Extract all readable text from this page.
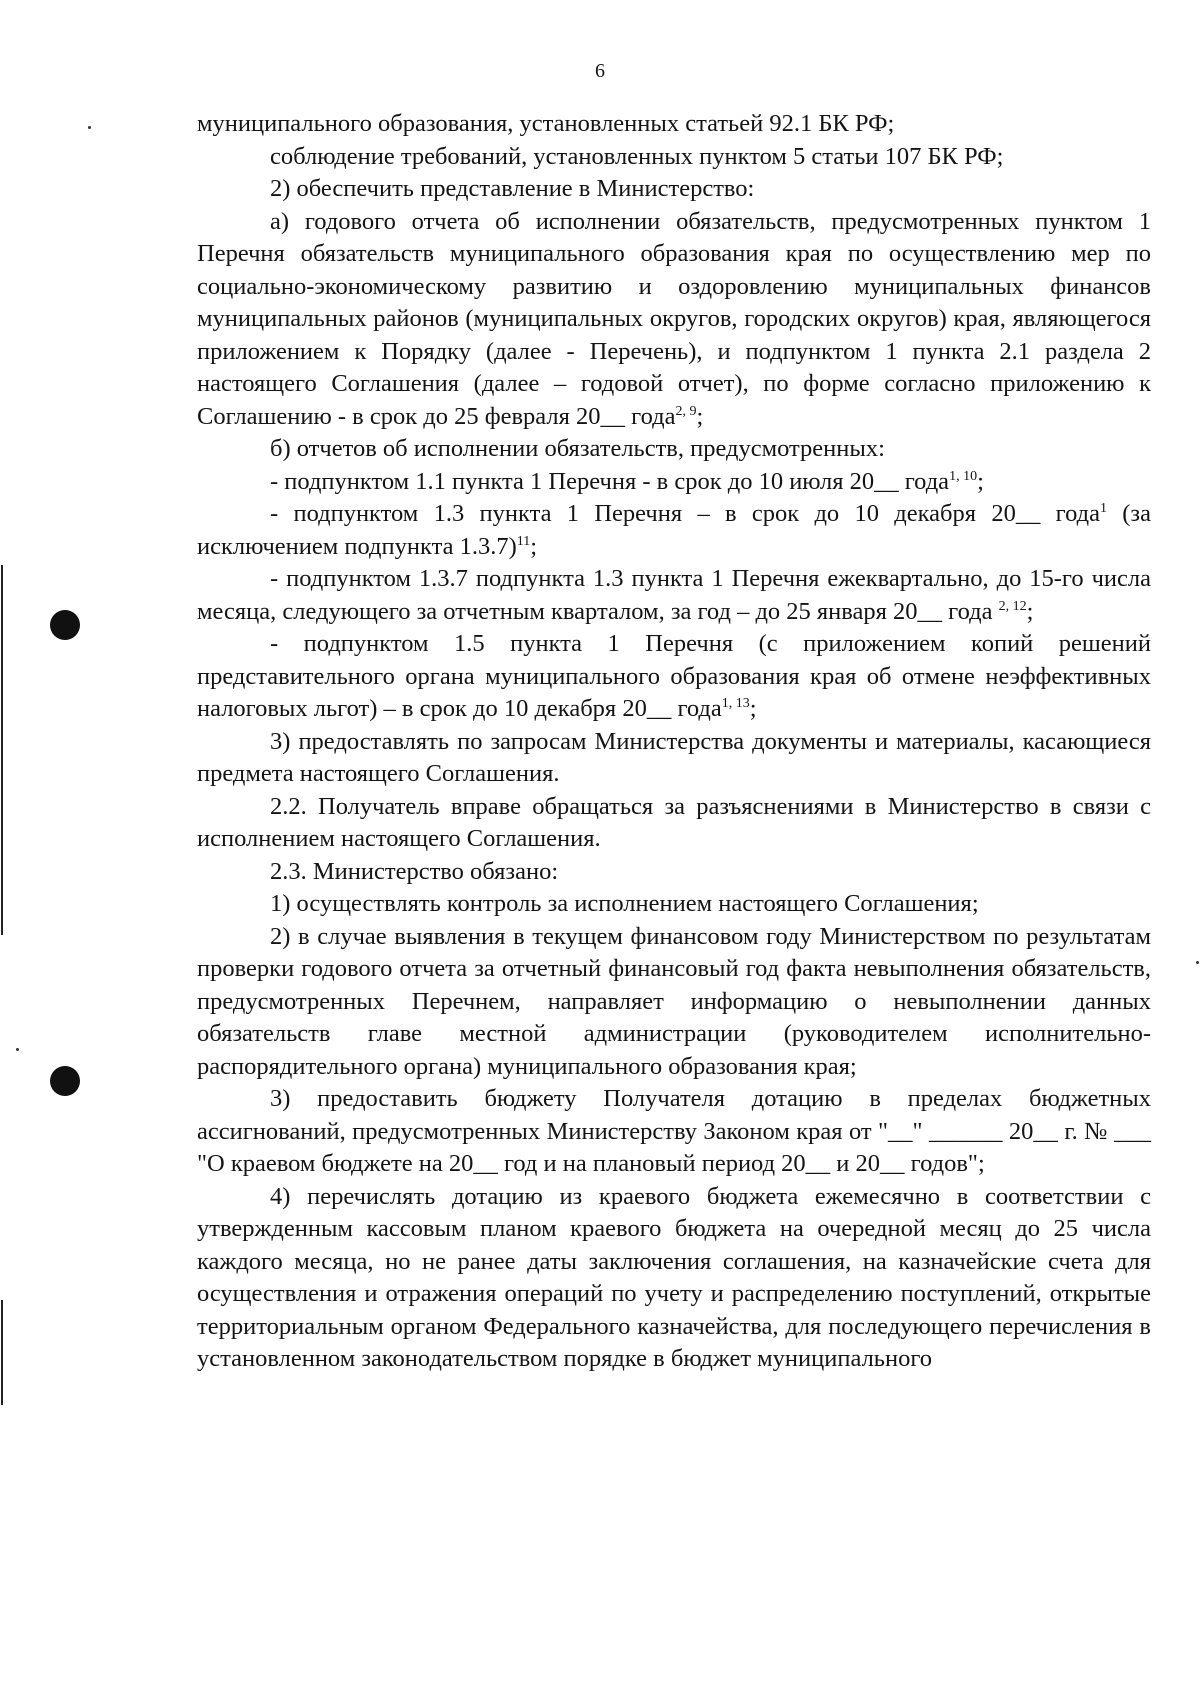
6

муниципального образования, установленных статьей 92.1 БК РФ;

соблюдение требований, установленных пунктом 5 статьи 107 БК РФ;

2) обеспечить представление в Министерство:

а) годового отчета об исполнении обязательств, предусмотренных пунктом 1 Перечня обязательств муниципального образования края по осуществлению мер по социально-экономическому развитию и оздоровлению муниципальных финансов муниципальных районов (муниципальных округов, городских округов) края, являющегося приложением к Порядку (далее - Перечень), и подпунктом 1 пункта 2.1 раздела 2 настоящего Соглашения (далее – годовой отчет), по форме согласно приложению к Соглашению - в срок до 25 февраля 20__ года$^{2, 9}$;

б) отчетов об исполнении обязательств, предусмотренных:

- подпунктом 1.1 пункта 1 Перечня - в срок до 10 июля 20__ года$^{1, 10}$;

- подпунктом 1.3 пункта 1 Перечня – в срок до 10 декабря 20__ года$^1$ (за исключением подпункта 1.3.7)$^{11}$;

- подпунктом 1.3.7 подпункта 1.3 пункта 1 Перечня ежеквартально, до 15-го числа месяца, следующего за отчетным кварталом, за год – до 25 января 20__ года $^{2, 12}$;

- подпунктом 1.5 пункта 1 Перечня (с приложением копий решений представительного органа муниципального образования края об отмене неэффективных налоговых льгот) – в срок до 10 декабря 20__ года$^{1, 13}$;

3) предоставлять по запросам Министерства документы и материалы, касающиеся предмета настоящего Соглашения.

2.2. Получатель вправе обращаться за разъяснениями в Министерство в связи с исполнением настоящего Соглашения.

2.3. Министерство обязано:

1) осуществлять контроль за исполнением настоящего Соглашения;

2) в случае выявления в текущем финансовом году Министерством по результатам проверки годового отчета за отчетный финансовый год факта невыполнения обязательств, предусмотренных Перечнем, направляет информацию о невыполнении данных обязательств главе местной администрации (руководителем исполнительно-распорядительного органа) муниципального образования края;

3) предоставить бюджету Получателя дотацию в пределах бюджетных ассигнований, предусмотренных Министерству Законом края от "__" ______ 20__ г. № ___ "О краевом бюджете на 20__ год и на плановый период 20__ и 20__ годов";

4) перечислять дотацию из краевого бюджета ежемесячно в соответствии с утвержденным кассовым планом краевого бюджета на очередной месяц до 25 числа каждого месяца, но не ранее даты заключения соглашения, на казначейские счета для осуществления и отражения операций по учету и распределению поступлений, открытые территориальным органом Федерального казначейства, для последующего перечисления в установленном законодательством порядке в бюджет муниципального
